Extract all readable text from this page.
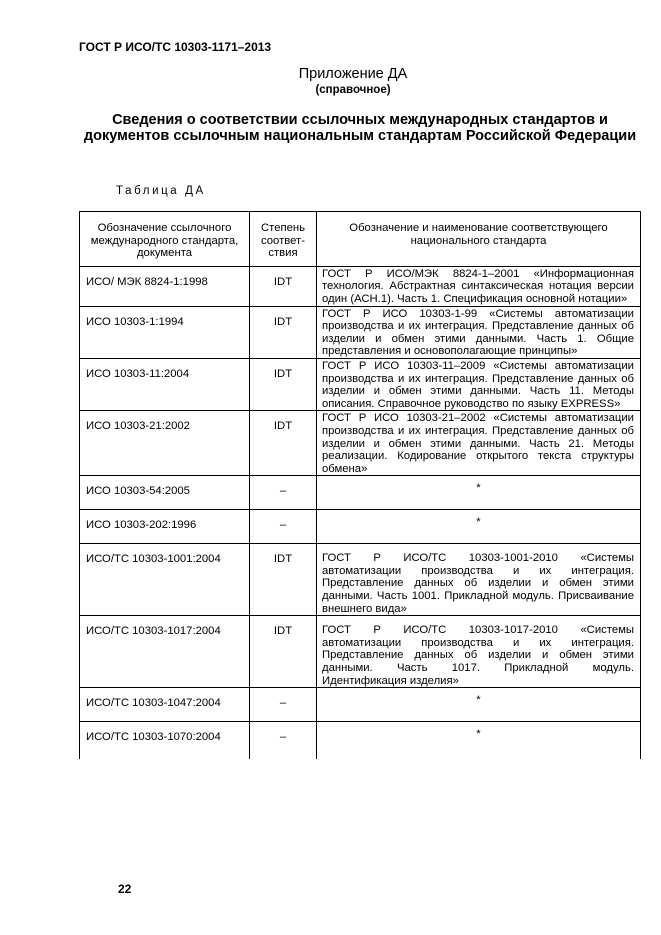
ГОСТ Р ИСО/ТС 10303-1171–2013
Приложение ДА
(справочное)
Сведения о соответствии ссылочных международных стандартов и документов ссылочным национальным стандартам Российской Федерации
Таблица ДА
Обозначение ссылочного международного стандарта, документа	Степень соответ-ствия	Обозначение и наименование соответствующего национального стандарта
ИСО/ МЭК 8824-1:1998	IDT	ГОСТ Р ИСО/МЭК 8824-1–2001 «Информационная технология. Абстрактная синтаксическая нотация версии один (АСН.1). Часть 1. Спецификация основной нотации»
ИСО 10303-1:1994	IDT	ГОСТ Р ИСО 10303-1-99 «Системы автоматизации производства и их интеграция. Представление данных об изделии и обмен этими данными. Часть 1. Общие представления и основополагающие принципы»
ИСО 10303-11:2004	IDT	ГОСТ Р ИСО 10303-11–2009 «Системы автоматизации производства и их интеграция. Представление данных об изделии и обмен этими данными. Часть 11. Методы описания. Справочное руководство по языку EXPRESS»
ИСО 10303-21:2002	IDT	ГОСТ Р ИСО 10303-21–2002 «Системы автоматизации производства и их интеграция. Представление данных об изделии и обмен этими данными. Часть 21. Методы реализации. Кодирование открытого текста структуры обмена»
ИСО 10303-54:2005	–	*
ИСО 10303-202:1996	–	*
ИСО/ТС 10303-1001:2004	IDT	ГОСТ Р ИСО/ТС 10303-1001-2010 «Системы автоматизации производства и их интеграция. Представление данных об изделии и обмен этими данными. Часть 1001. Прикладной модуль. Присваивание внешнего вида»
ИСО/ТС 10303-1017:2004	IDT	ГОСТ Р ИСО/ТС 10303-1017-2010 «Системы автоматизации производства и их интеграция. Представление данных об изделии и обмен этими данными. Часть 1017. Прикладной модуль. Идентификация изделия»
ИСО/ТС 10303-1047:2004	–	*
ИСО/ТС 10303-1070:2004	–	*
22
